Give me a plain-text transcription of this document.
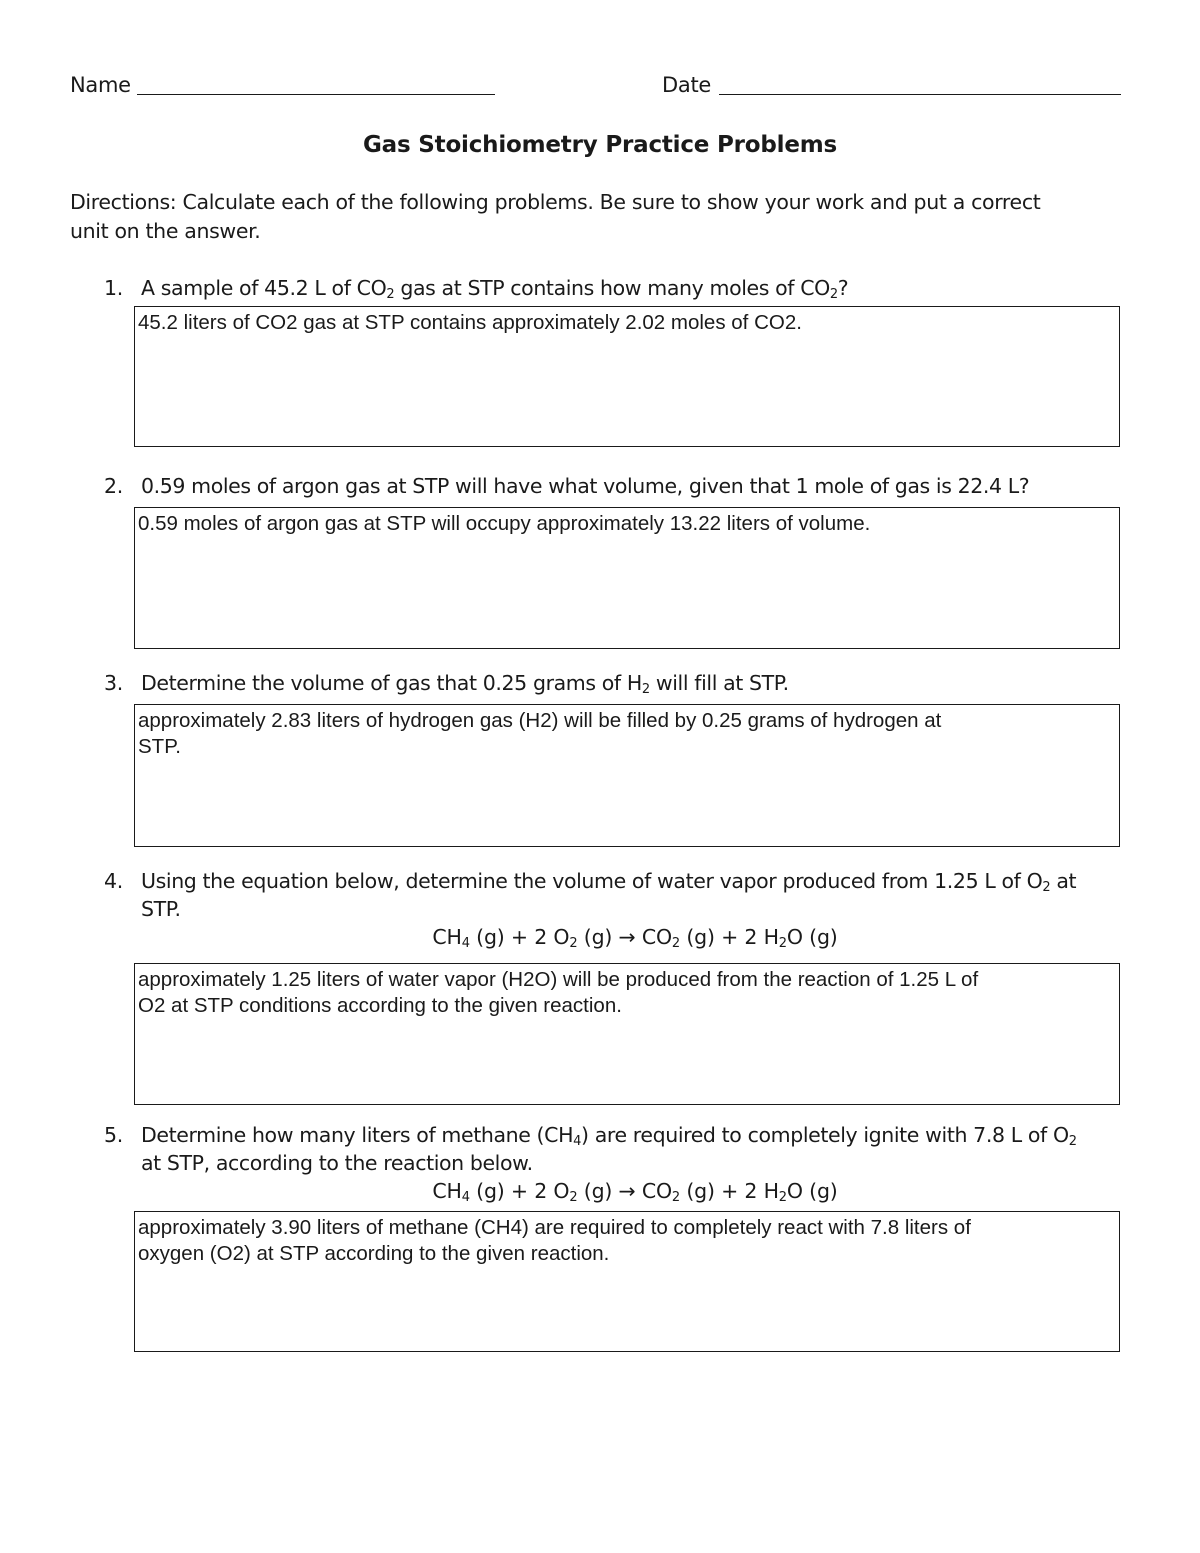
Name	Date
Gas Stoichiometry Practice Problems
Directions: Calculate each of the following problems. Be sure to show your work and put a correct
unit on the answer.
1. A sample of 45.2 L of $CO_2$ gas at STP contains how many moles of $CO_2$?
45.2 liters of CO2 gas at STP contains approximately 2.02 moles of CO2.
2. 0.59 moles of argon gas at STP will have what volume, given that 1 mole of gas is 22.4 L?
0.59 moles of argon gas at STP will occupy approximately 13.22 liters of volume.
3. Determine the volume of gas that 0.25 grams of $H_2$ will fill at STP.
approximately 2.83 liters of hydrogen gas (H2) will be filled by 0.25 grams of hydrogen at
STP.
4. Using the equation below, determine the volume of water vapor produced from 1.25 L of $O_2$ at
STP.
$CH_4$ (g) + 2 $O_2$ $(g) \to CO_2$ (g) + 2 $H_2O$ (g)
approximately 1.25 liters of water vapor (H2O) will be produced from the reaction of 1.25 L of
O2 at STP conditions according to the given reaction.
5. Determine how many liters of methane $(CH_4)$ are required to completely ignite with 7.8 L of $O_2$
at STP, according to the reaction below.
$CH_4$ (g) + 2 $O_2$ $(g) \to CO_2$ (g) + 2 $H_2O$ (g)
approximately 3.90 liters of methane (CH4) are required to completely react with 7.8 liters of
oxygen (O2) at STP according to the given reaction.
